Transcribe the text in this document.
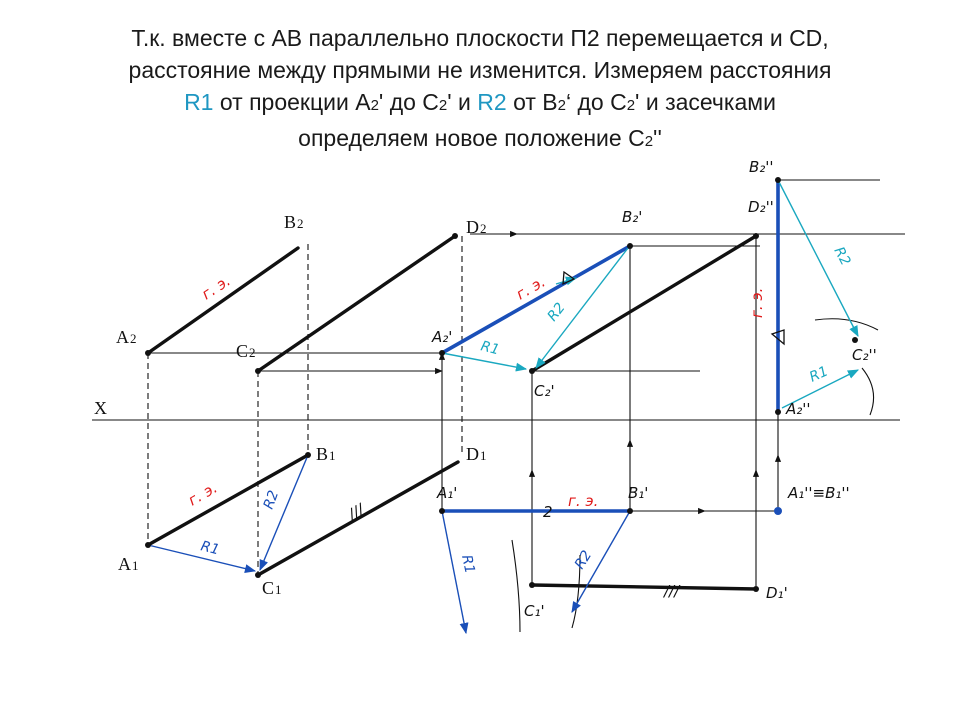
Т.к. вместе с АВ параллельно плоскости П2 перемещается и CD,
расстояние между прямыми не изменится. Измеряем расстояния
R1 от проекции А2' до С2' и R2 от В2‘ до С2' и засечками
определяем новое положение С2''
X
A2
B2
C2
D2
A1
B1
C1
D1
A₂'
B₂'
C₂'
A₁'	B₁'
C₁'
D₁'
B₂''
D₂''
C₂''
A₂''
A₁''≡B₁''
г. э.	г. э.
г. э.	г. э.
г. э.
R1
R2
R1	R2
R1
R2
R2
R1
///
///
2
